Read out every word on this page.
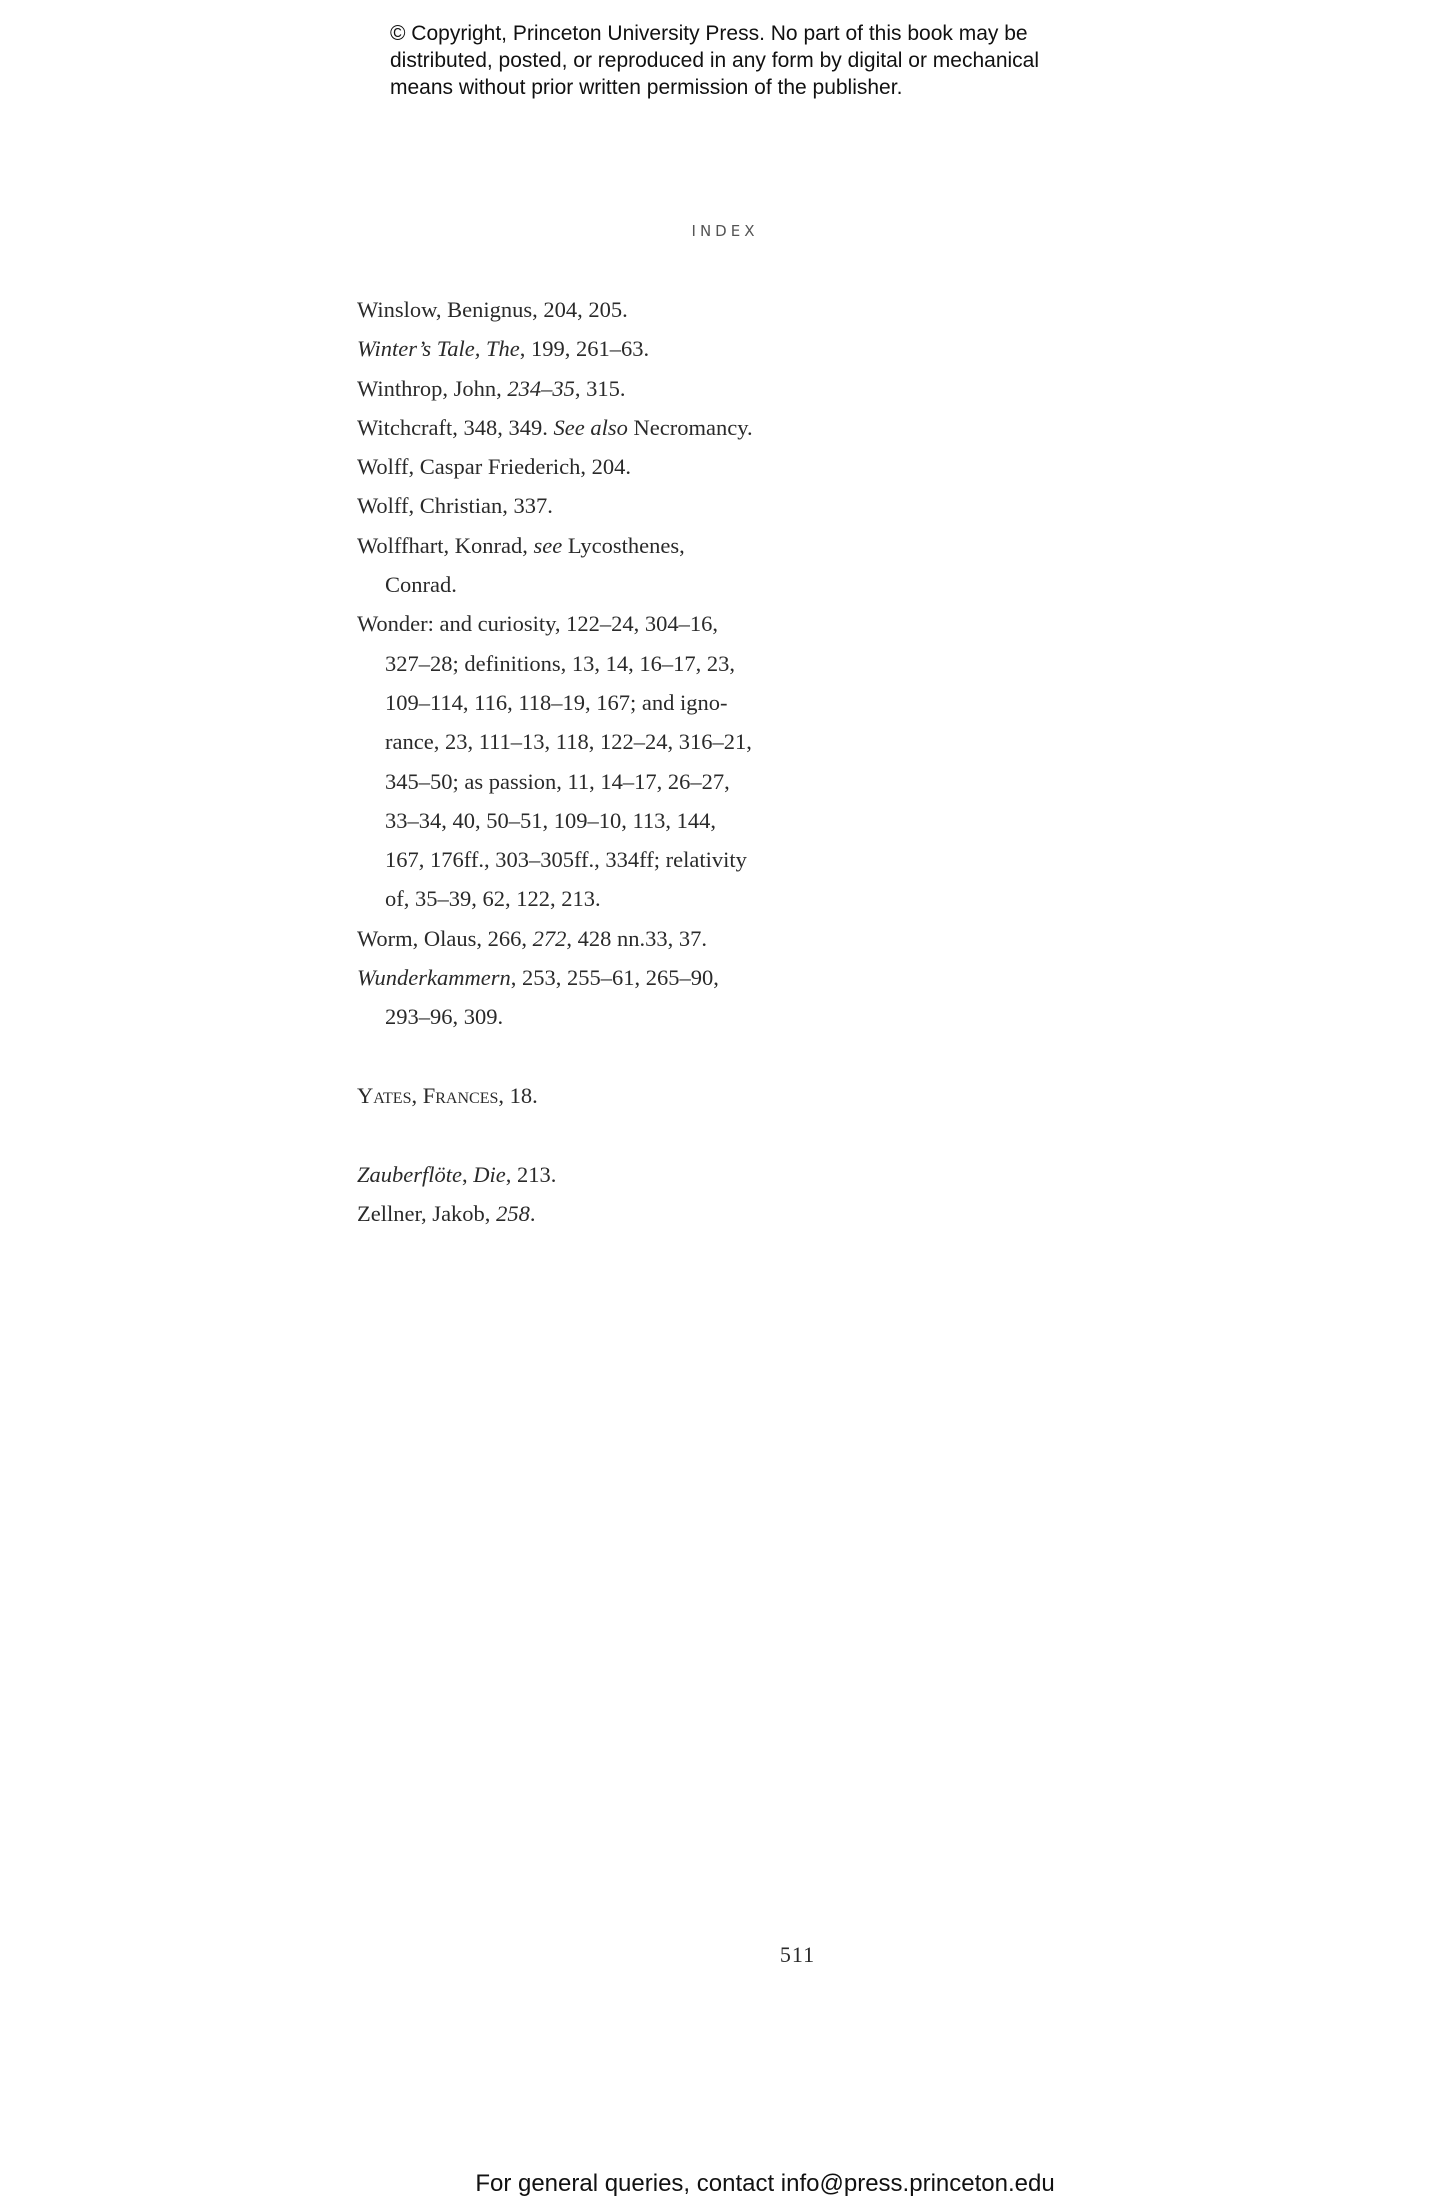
© Copyright, Princeton University Press. No part of this book may be
distributed, posted, or reproduced in any form by digital or mechanical
means without prior written permission of the publisher.
INDEX
Winslow, Benignus, 204, 205.
Winter’s Tale, The, 199, 261–63.
Winthrop, John, 234–35, 315.
Witchcraft, 348, 349. See also Necromancy.
Wolff, Caspar Friederich, 204.
Wolff, Christian, 337.
Wolffhart, Konrad, see Lycosthenes,
Conrad.
Wonder: and curiosity, 122–24, 304–16,
327–28; definitions, 13, 14, 16–17, 23,
109–114, 116, 118–19, 167; and igno-
rance, 23, 111–13, 118, 122–24, 316–21,
345–50; as passion, 11, 14–17, 26–27,
33–34, 40, 50–51, 109–10, 113, 144,
167, 176ff., 303–305ff., 334ff; relativity
of, 35–39, 62, 122, 213.
Worm, Olaus, 266, 272, 428 nn.33, 37.
Wunderkammern, 253, 255–61, 265–90,
293–96, 309.
Yates, Frances, 18.
Zauberflöte, Die, 213.
Zellner, Jakob, 258.
511
For general queries, contact info@press.princeton.edu
